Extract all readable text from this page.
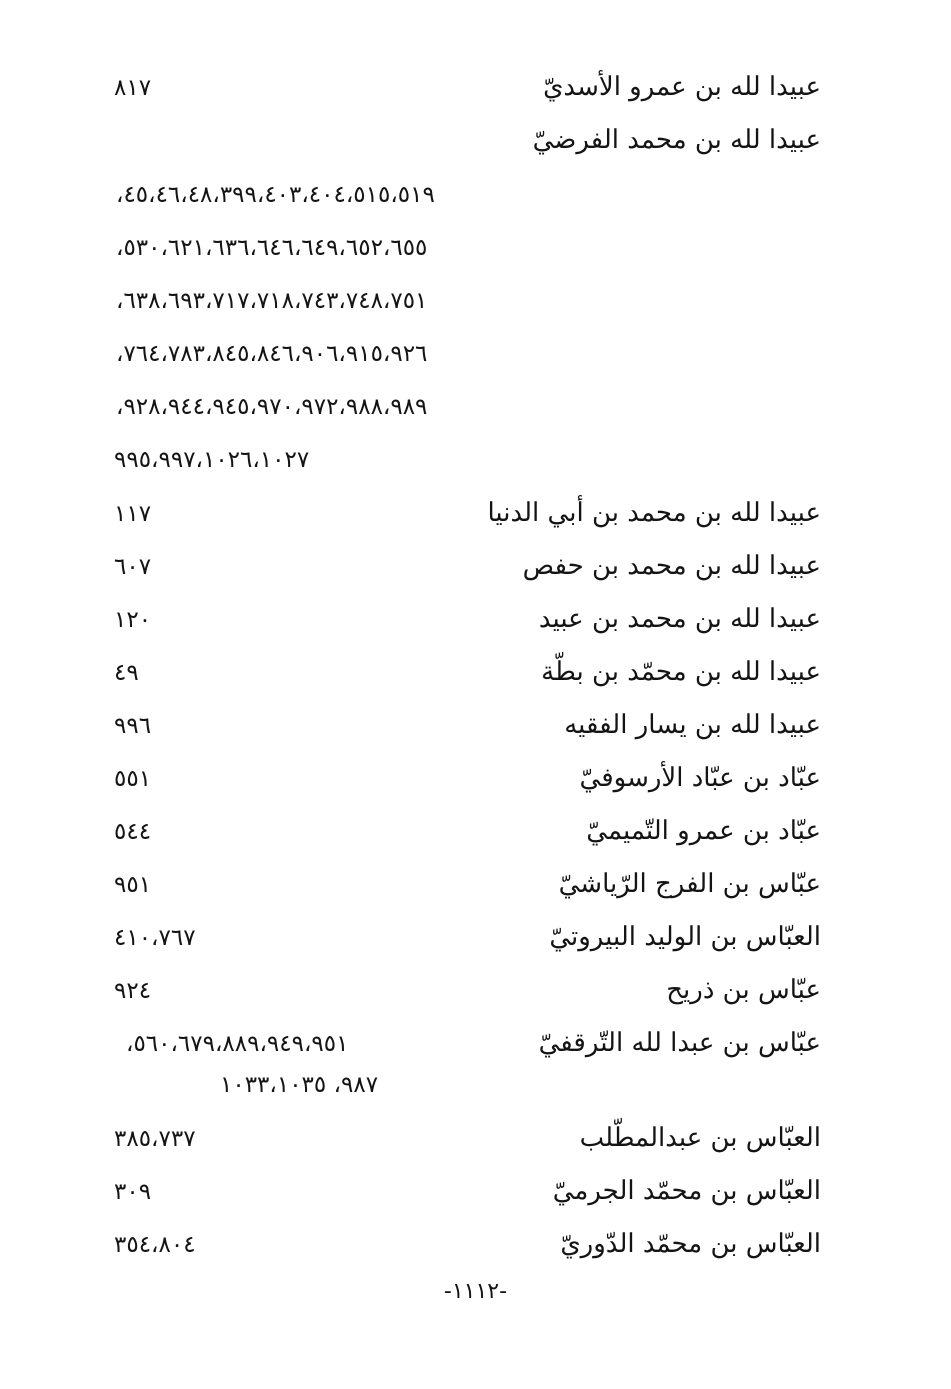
عبيدا لله بن عمرو الأسديّ
٨١٧
عبيدا لله بن محمد الفرضيّ
٤٥،٤٦،٤٨،٣٩٩،٤٠٣،٤٠٤،٥١٥،٥١٩،
٥٣٠،٦٢١،٦٣٦،٦٤٦،٦٤٩،٦٥٢،٦٥٥،
٦٣٨،٦٩٣،٧١٧،٧١٨،٧٤٣،٧٤٨،٧٥١،
٧٦٤،٧٨٣،٨٤٥،٨٤٦،٩٠٦،٩١٥،٩٢٦،
٩٢٨،٩٤٤،٩٤٥،٩٧٠،٩٧٢،٩٨٨،٩٨٩،
٩٩٥،٩٩٧،١٠٢٦،١٠٢٧
عبيدا لله بن محمد بن أبي الدنيا
١١٧
عبيدا لله بن محمد بن حفص
٦٠٧
عبيدا لله بن محمد بن عبيد
١٢٠
عبيدا لله بن محمّد بن بطّة
٤٩
عبيدا لله بن يسار الفقيه
٩٩٦
عبّاد بن عبّاد الأرسوفيّ
٥٥١
عبّاد بن عمرو التّميميّ
٥٤٤
عبّاس بن الفرج الرّياشيّ
٩٥١
العبّاس بن الوليد البيروتيّ
٤١٠،٧٦٧
عبّاس بن ذريح
٩٢٤
عبّاس بن عبدا لله التّرقفيّ
٥٦٠،٦٧٩،٨٨٩،٩٤٩،٩٥١،
٩٨٧، ١٠٣٣،١٠٣٥
العبّاس بن عبدالمطّلب
٣٨٥،٧٣٧
العبّاس بن محمّد الجرميّ
٣٠٩
العبّاس بن محمّد الدّوريّ
٣٥٤،٨٠٤
-١١١٢-
